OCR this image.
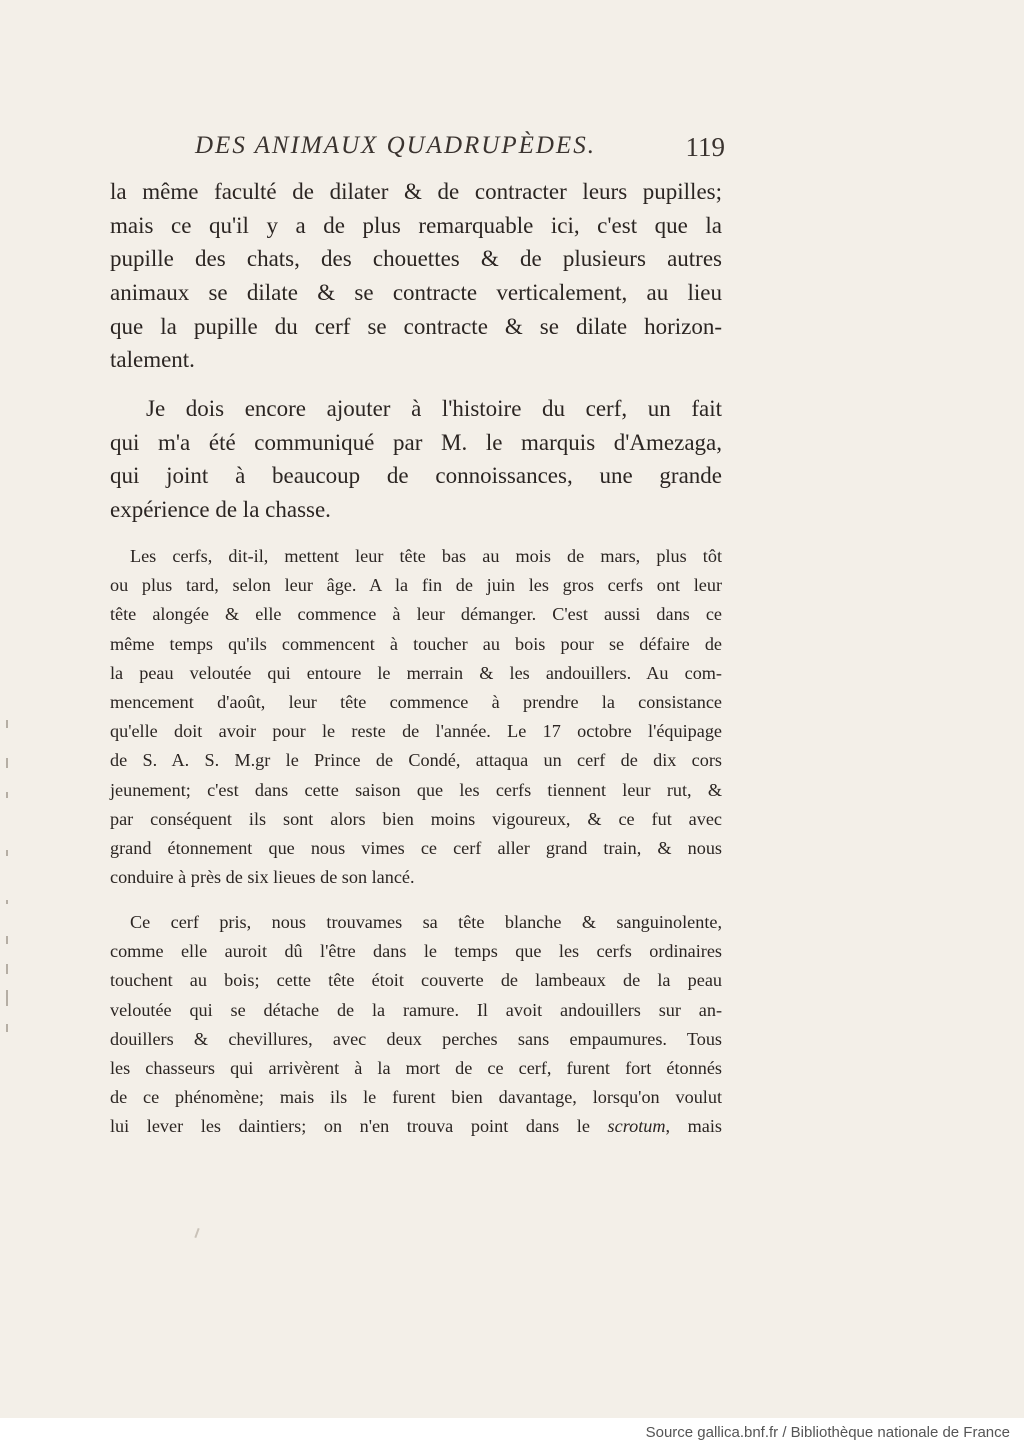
DES ANIMAUX QUADRUPÈDES.	119
la même faculté de dilater & de contracter leurs pupilles;
mais ce qu'il y a de plus remarquable ici, c'est que la
pupille des chats, des chouettes & de plusieurs autres
animaux se dilate & se contracte verticalement, au lieu
que la pupille du cerf se contracte & se dilate horizon-
talement.
Je dois encore ajouter à l'histoire du cerf, un fait
qui m'a été communiqué par M. le marquis d'Amezaga,
qui joint à beaucoup de connoissances, une grande
expérience de la chasse.
Les cerfs, dit-il, mettent leur tête bas au mois de mars, plus tôt
ou plus tard, selon leur âge. A la fin de juin les gros cerfs ont leur
tête alongée & elle commence à leur démanger. C'est aussi dans ce
même temps qu'ils commencent à toucher au bois pour se défaire de
la peau veloutée qui entoure le merrain & les andouillers. Au com-
mencement d'août, leur tête commence à prendre la consistance
qu'elle doit avoir pour le reste de l'année. Le 17 octobre l'équipage
de S. A. S. M.gr le Prince de Condé, attaqua un cerf de dix cors
jeunement; c'est dans cette saison que les cerfs tiennent leur rut, &
par conséquent ils sont alors bien moins vigoureux, & ce fut avec
grand étonnement que nous vimes ce cerf aller grand train, & nous
conduire à près de six lieues de son lancé.
Ce cerf pris, nous trouvames sa tête blanche & sanguinolente,
comme elle auroit dû l'être dans le temps que les cerfs ordinaires
touchent au bois; cette tête étoit couverte de lambeaux de la peau
veloutée qui se détache de la ramure. Il avoit andouillers sur an-
douillers & chevillures, avec deux perches sans empaumures. Tous
les chasseurs qui arrivèrent à la mort de ce cerf, furent fort étonnés
de ce phénomène; mais ils le furent bien davantage, lorsqu'on voulut
lui lever les daintiers; on n'en trouva point dans le scrotum, mais
Source gallica.bnf.fr / Bibliothèque nationale de France
